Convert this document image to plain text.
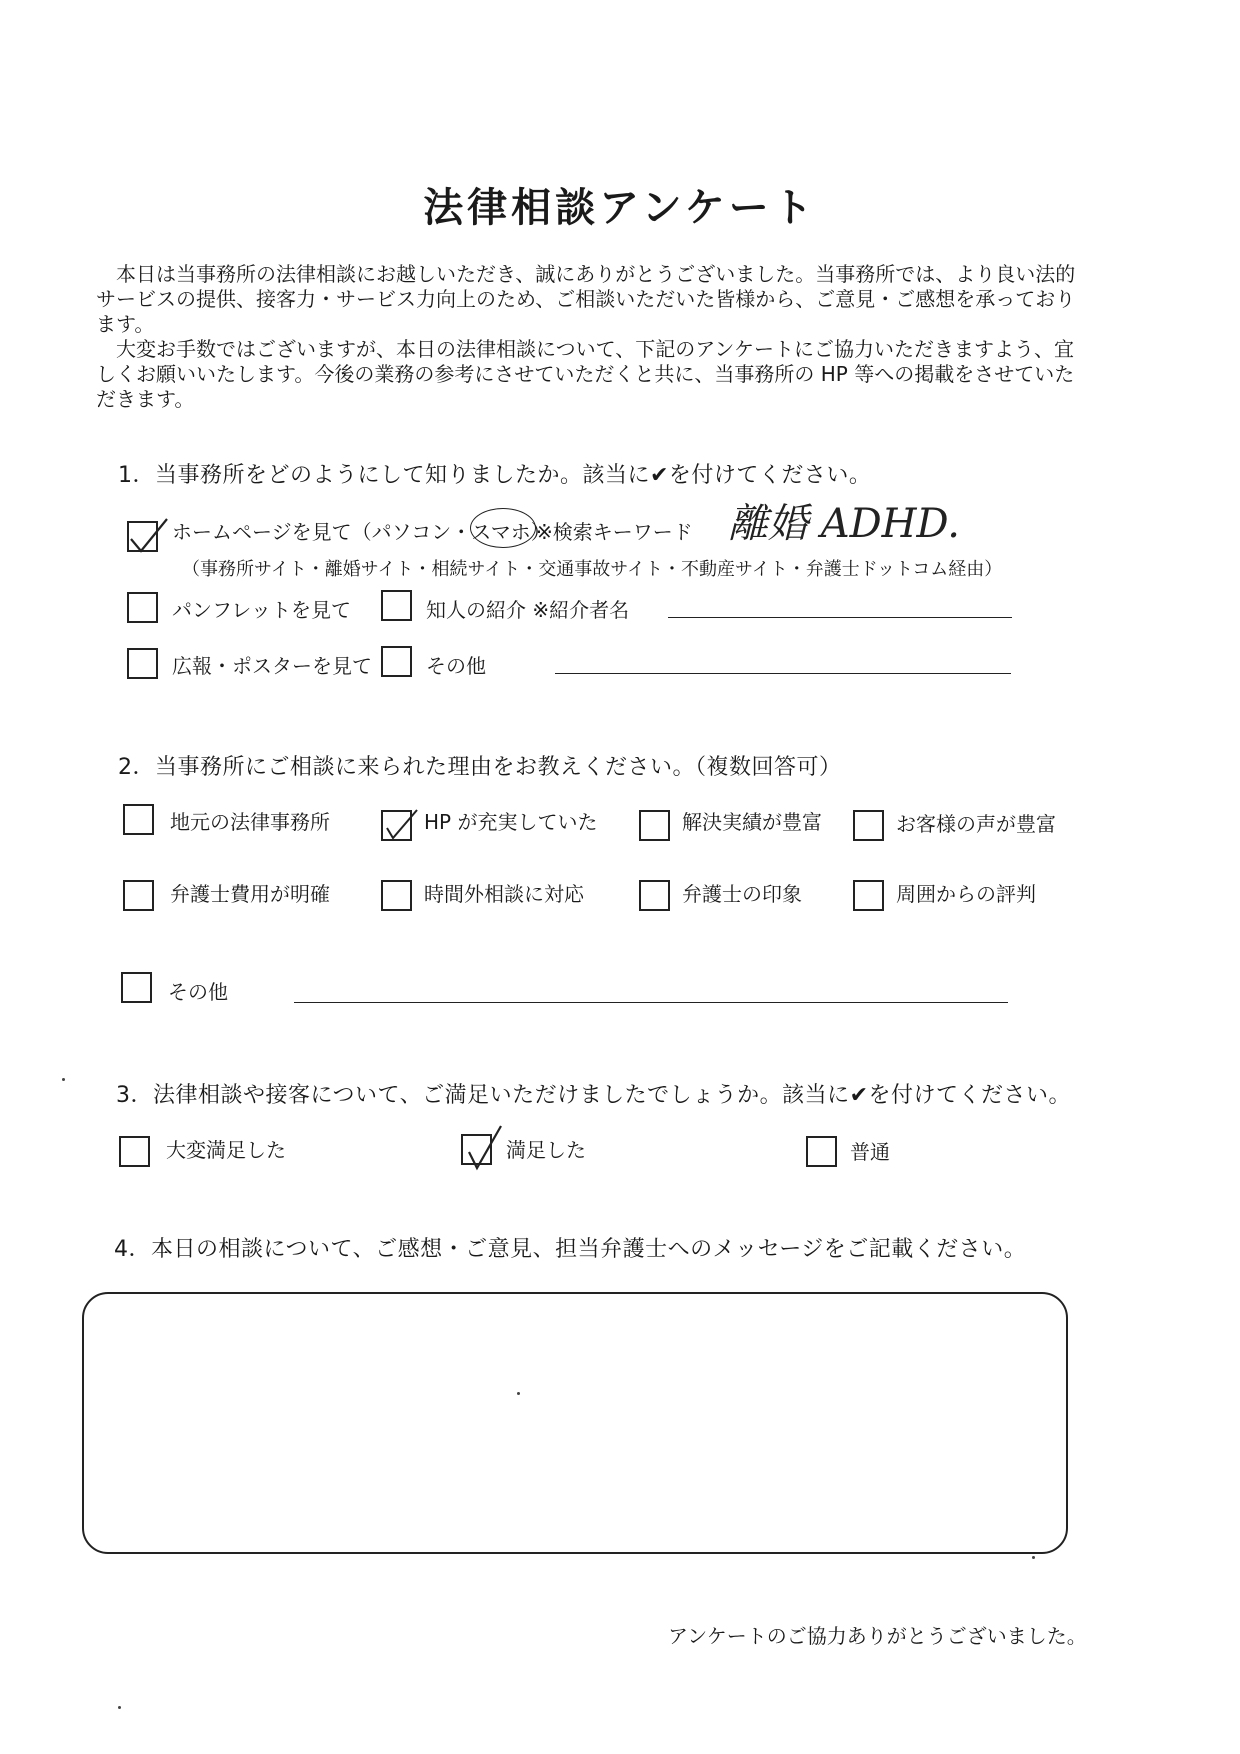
法律相談アンケート

本日は当事務所の法律相談にお越しいただき、誠にありがとうございました。当事務所では、より良い法的サービスの提供、接客力・サービス力向上のため、ご相談いただいた皆様から、ご意見・ご感想を承っております。

大変お手数ではございますが、本日の法律相談について、下記のアンケートにご協力いただきますよう、宜しくお願いいたします。今後の業務の参考にさせていただくと共に、当事務所の HP 等への掲載をさせていただきます。

1．当事務所をどのようにして知りましたか。該当に✔を付けてください。
ホームページを見て（パソコン・スマホ）
※検索キーワード 離婚 ADHD.
（事務所サイト・離婚サイト・相続サイト・交通事故サイト・不動産サイト・弁護士ドットコム経由）
パンフレットを見て	知人の紹介 ※紹介者名
広報・ポスターを見て	その他
2．当事務所にご相談に来られた理由をお教えください。（複数回答可）
地元の法律事務所	HP が充実していた	解決実績が豊富	お客様の声が豊富
弁護士費用が明確	時間外相談に対応	弁護士の印象	周囲からの評判
その他
3．法律相談や接客について、ご満足いただけましたでしょうか。該当に✔を付けてください。
大変満足した	満足した	普通
4．本日の相談について、ご感想・ご意見、担当弁護士へのメッセージをご記載ください。
アンケートのご協力ありがとうございました。
